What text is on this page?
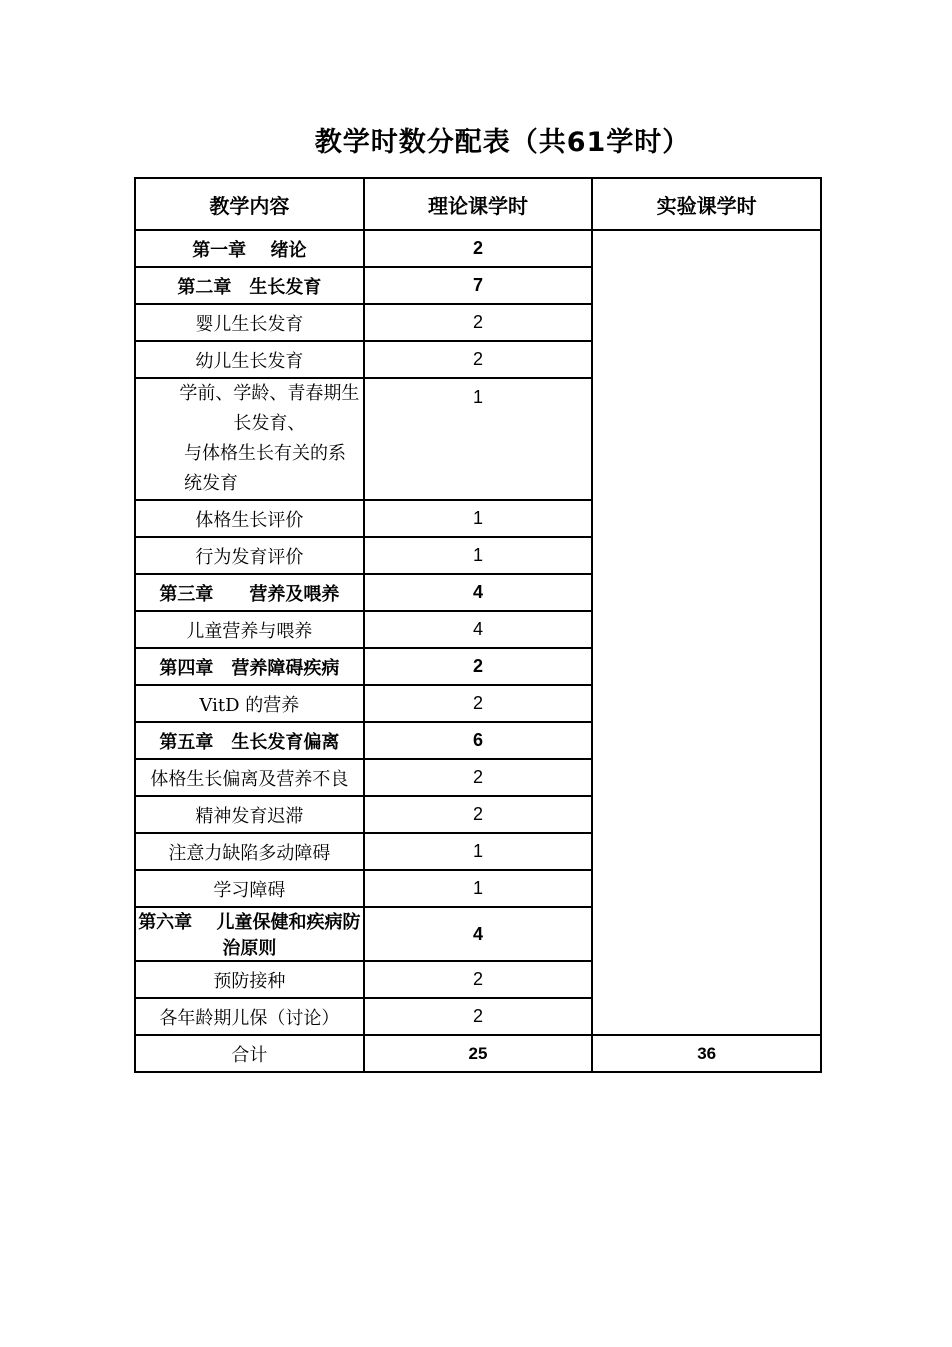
教学时数分配表（共61学时）
教学内容	理论课学时	实验课学时
第一章　 绪论	2	
第二章　生长发育	7	
婴儿生长发育	2	
幼儿生长发育	2	

学前、学龄、青春期生长发育、
与体格生长有关的系统发育	1	
体格生长评价	1	
行为发育评价	1	
第三章　　营养及喂养	4	
儿童营养与喂养	4	
第四章　营养障碍疾病	2	
VitD 的营养	2	
第五章　生长发育偏离	6	
体格生长偏离及营养不良	2	
精神发育迟滞	2	
注意力缺陷多动障碍	1	
学习障碍	1	
第六章　 儿童保健和疾病防治原则	4	
预防接种	2	
各年龄期儿保（讨论）	2	
合计	25	36
